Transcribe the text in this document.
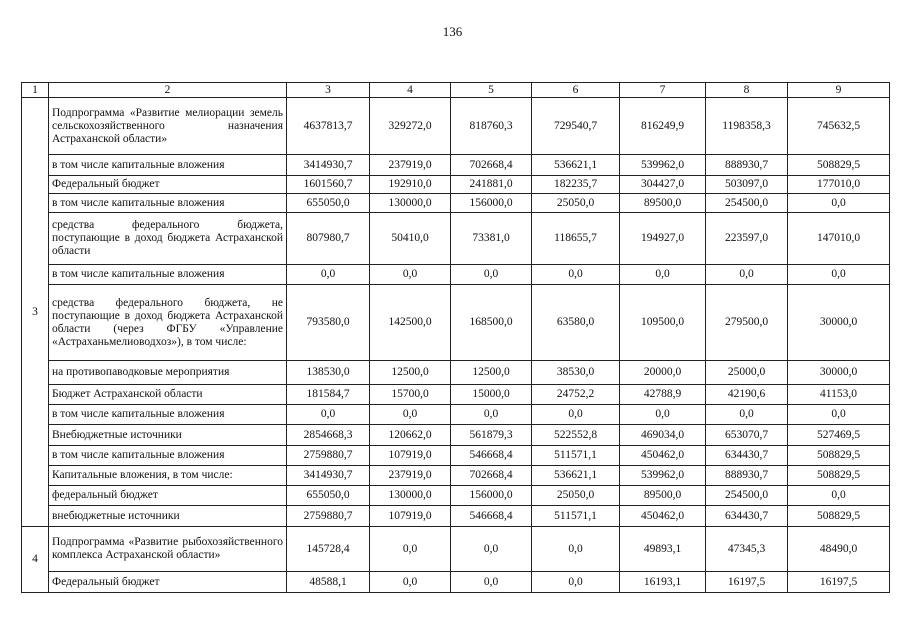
136
1	2	3	4	5	6	7	8	9
3	Подпрограмма «Развитие мелиорации земель сельскохозяйственного назначения Астраханской области»	4637813,7	329272,0	818760,3	729540,7	816249,9	1198358,3	745632,5
	в том числе капитальные вложения	3414930,7	237919,0	702668,4	536621,1	539962,0	888930,7	508829,5
	Федеральный бюджет	1601560,7	192910,0	241881,0	182235,7	304427,0	503097,0	177010,0
	в том числе капитальные вложения	655050,0	130000,0	156000,0	25050,0	89500,0	254500,0	0,0
	средства федерального бюджета, поступающие в доход бюджета Астраханской области	807980,7	50410,0	73381,0	118655,7	194927,0	223597,0	147010,0
	в том числе капитальные вложения	0,0	0,0	0,0	0,0	0,0	0,0	0,0
	средства федерального бюджета, не поступающие в доход бюджета Астраханской области (через ФГБУ «Управление «Астраханьмелиоводхоз»), в том числе:	793580,0	142500,0	168500,0	63580,0	109500,0	279500,0	30000,0
	на противопаводковые мероприятия	138530,0	12500,0	12500,0	38530,0	20000,0	25000,0	30000,0
	Бюджет Астраханской области	181584,7	15700,0	15000,0	24752,2	42788,9	42190,6	41153,0
	в том числе капитальные вложения	0,0	0,0	0,0	0,0	0,0	0,0	0,0
	Внебюджетные источники	2854668,3	120662,0	561879,3	522552,8	469034,0	653070,7	527469,5
	в том числе капитальные вложения	2759880,7	107919,0	546668,4	511571,1	450462,0	634430,7	508829,5
	Капитальные вложения, в том числе:	3414930,7	237919,0	702668,4	536621,1	539962,0	888930,7	508829,5
	федеральный бюджет	655050,0	130000,0	156000,0	25050,0	89500,0	254500,0	0,0
	внебюджетные источники	2759880,7	107919,0	546668,4	511571,1	450462,0	634430,7	508829,5
4	Подпрограмма «Развитие рыбохозяйственного комплекса Астраханской области»	145728,4	0,0	0,0	0,0	49893,1	47345,3	48490,0
	Федеральный бюджет	48588,1	0,0	0,0	0,0	16193,1	16197,5	16197,5
